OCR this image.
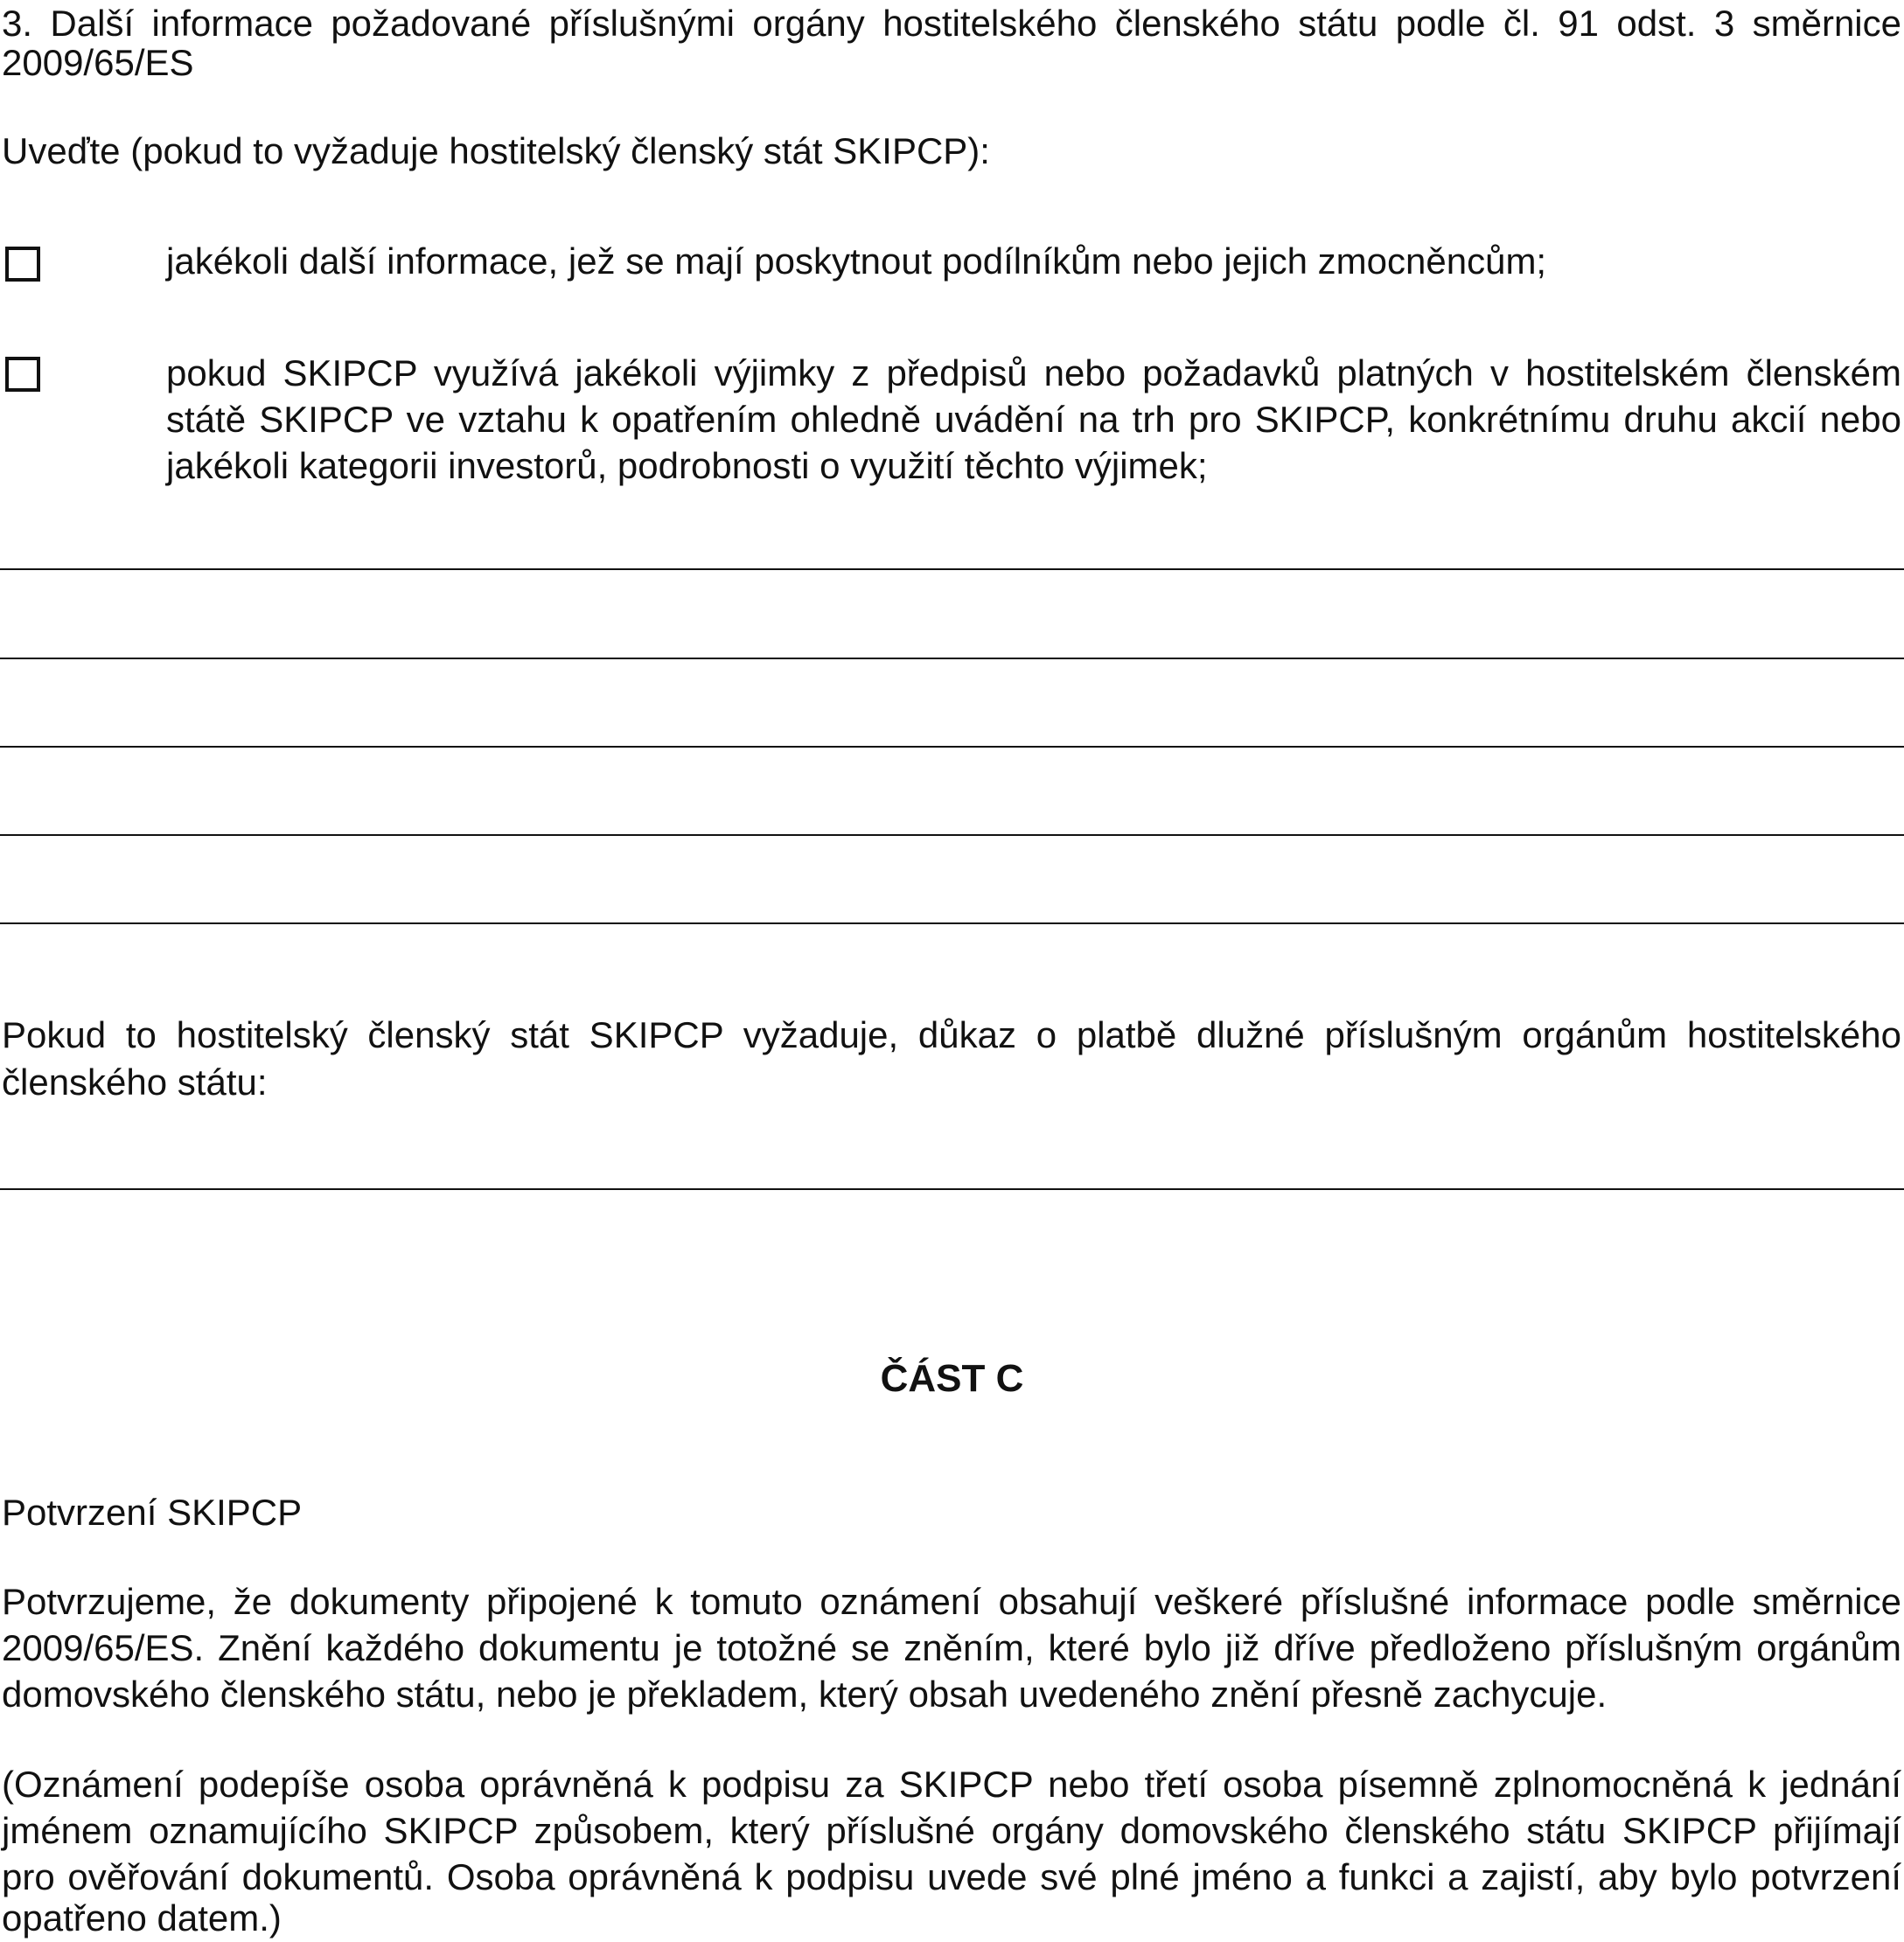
3. Další informace požadované příslušnými orgány hostitelského členského státu podle čl. 91 odst. 3 směrnice
2009/65/ES
Uveďte (pokud to vyžaduje hostitelský členský stát SKIPCP):
jakékoli další informace, jež se mají poskytnout podílníkům nebo jejich zmocněncům;
pokud SKIPCP využívá jakékoli výjimky z předpisů nebo požadavků platných v hostitelském členském
státě SKIPCP ve vztahu k opatřením ohledně uvádění na trh pro SKIPCP, konkrétnímu druhu akcií nebo
jakékoli kategorii investorů, podrobnosti o využití těchto výjimek;
Pokud to hostitelský členský stát SKIPCP vyžaduje, důkaz o platbě dlužné příslušným orgánům hostitelského
členského státu:
ČÁST C
Potvrzení SKIPCP
Potvrzujeme, že dokumenty připojené k tomuto oznámení obsahují veškeré příslušné informace podle směrnice
2009/65/ES. Znění každého dokumentu je totožné se zněním, které bylo již dříve předloženo příslušným orgánům
domovského členského státu, nebo je překladem, který obsah uvedeného znění přesně zachycuje.
(Oznámení podepíše osoba oprávněná k podpisu za SKIPCP nebo třetí osoba písemně zplnomocněná k jednání
jménem oznamujícího SKIPCP způsobem, který příslušné orgány domovského členského státu SKIPCP přijímají
pro ověřování dokumentů. Osoba oprávněná k podpisu uvede své plné jméno a funkci a zajistí, aby bylo potvrzení
opatřeno datem.)
